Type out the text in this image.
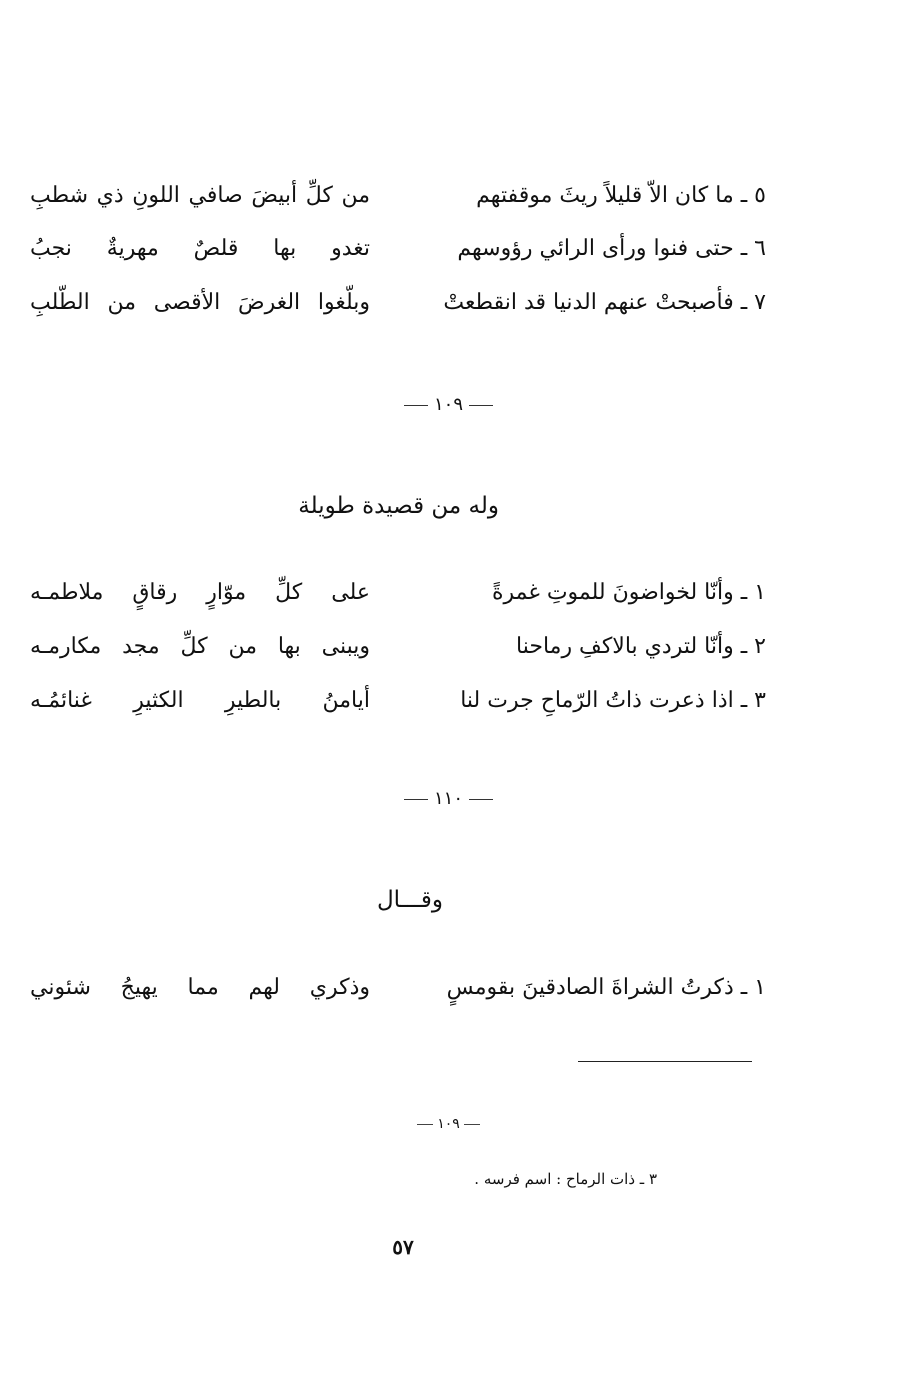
٥ ـ ما كان الاّ قليلاً ريثَ موقفتهم
من كلِّ أبيضَ صافي اللونِ ذي شطبِ
٦ ـ حتى فنوا ورأى الرائي رؤوسهم
تغدو بها قلصٌ مهريةٌ نجبُ
٧ ـ فأصبحتْ عنهم الدنيا قد انقطعتْ
وبلّغوا الغرضَ الأقصى من الطّلبِ
١٠٩
وله من قصيدة طويلة
١ ـ وأنّا لخواضونَ للموتِ غمرةً
على كلِّ موّارٍ رقاقٍ ملاطمـه
٢ ـ وأنّا لتردي بالاكفِ رماحنا
ويبنى بها من كلِّ مجد مكارمـه
٣ ـ اذا ذعرت ذاتُ الرّماحِ جرت لنا
أيامنُ بالطيرِ الكثيرِ غنائمُـه
١١٠
وقـــال
١ ـ ذكرتُ الشراةَ الصادقينَ بقومسٍ
وذكري لهم مما يهيجُ شئوني
١٠٩
٣ ـ ذات الرماح : اسم فرسه .
٥٧
